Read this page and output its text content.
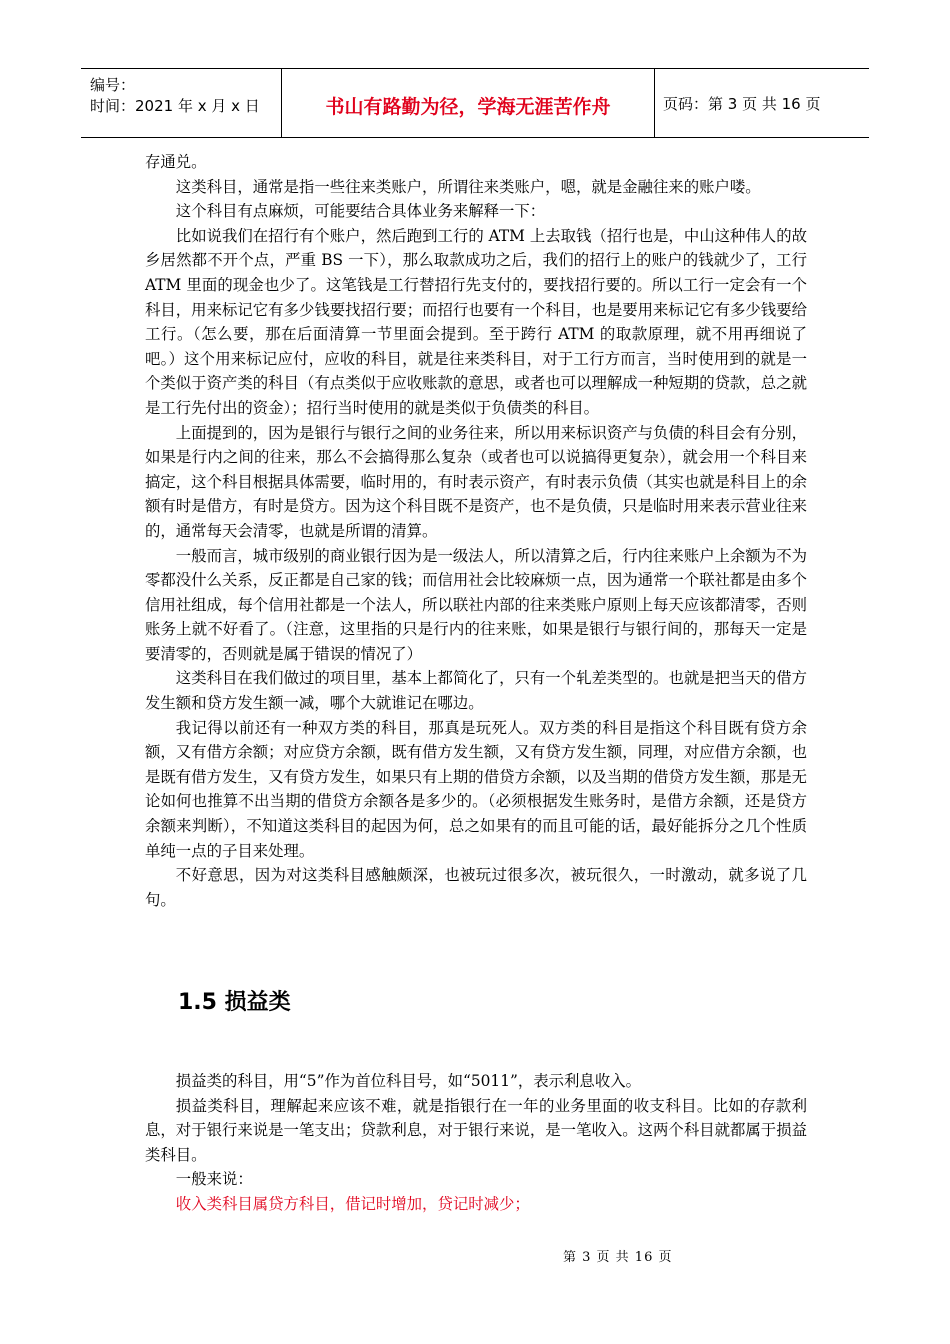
编号：
时间：2021 年 x 月 x 日	书山有路勤为径，学海无涯苦作舟	页码：第 3 页 共 16 页

存通兑。

这类科目，通常是指一些往来类账户，所谓往来类账户，嗯，就是金融往来的账户喽。

这个科目有点麻烦，可能要结合具体业务来解释一下：

比如说我们在招行有个账户，然后跑到工行的 ATM 上去取钱（招行也是，中山这种伟人的故乡居然都不开个点，严重 BS 一下），那么取款成功之后，我们的招行上的账户的钱就少了，工行 ATM 里面的现金也少了。这笔钱是工行替招行先支付的，要找招行要的。所以工行一定会有一个科目，用来标记它有多少钱要找招行要；而招行也要有一个科目，也是要用来标记它有多少钱要给工行。（怎么要，那在后面清算一节里面会提到。至于跨行 ATM 的取款原理，就不用再细说了吧。）这个用来标记应付，应收的科目，就是往来类科目，对于工行方而言，当时使用到的就是一个类似于资产类的科目（有点类似于应收账款的意思，或者也可以理解成一种短期的贷款，总之就是工行先付出的资金）；招行当时使用的就是类似于负债类的科目。

上面提到的，因为是银行与银行之间的业务往来，所以用来标识资产与负债的科目会有分别，如果是行内之间的往来，那么不会搞得那么复杂（或者也可以说搞得更复杂），就会用一个科目来搞定，这个科目根据具体需要，临时用的，有时表示资产，有时表示负债（其实也就是科目上的余额有时是借方，有时是贷方。因为这个科目既不是资产，也不是负债，只是临时用来表示营业往来的，通常每天会清零，也就是所谓的清算。

一般而言，城市级别的商业银行因为是一级法人，所以清算之后，行内往来账户上余额为不为零都没什么关系，反正都是自己家的钱；而信用社会比较麻烦一点，因为通常一个联社都是由多个信用社组成，每个信用社都是一个法人，所以联社内部的往来类账户原则上每天应该都清零，否则账务上就不好看了。（注意，这里指的只是行内的往来账，如果是银行与银行间的，那每天一定是要清零的，否则就是属于错误的情况了）

这类科目在我们做过的项目里，基本上都简化了，只有一个轧差类型的。也就是把当天的借方发生额和贷方发生额一减，哪个大就谁记在哪边。

我记得以前还有一种双方类的科目，那真是玩死人。双方类的科目是指这个科目既有贷方余额，又有借方余额；对应贷方余额，既有借方发生额，又有贷方发生额，同理，对应借方余额，也是既有借方发生，又有贷方发生，如果只有上期的借贷方余额，以及当期的借贷方发生额，那是无论如何也推算不出当期的借贷方余额各是多少的。（必须根据发生账务时，是借方余额，还是贷方余额来判断），不知道这类科目的起因为何，总之如果有的而且可能的话，最好能拆分之几个性质单纯一点的子目来处理。

不好意思，因为对这类科目感触颇深，也被玩过很多次，被玩很久，一时激动，就多说了几句。

1.5 损益类

损益类的科目，用“5”作为首位科目号，如“5011”，表示利息收入。

损益类科目，理解起来应该不难，就是指银行在一年的业务里面的收支科目。比如的存款利息，对于银行来说是一笔支出；贷款利息，对于银行来说，是一笔收入。这两个科目就都属于损益类科目。

一般来说：

收入类科目属贷方科目，借记时增加，贷记时减少；

第 3 页 共 16 页
